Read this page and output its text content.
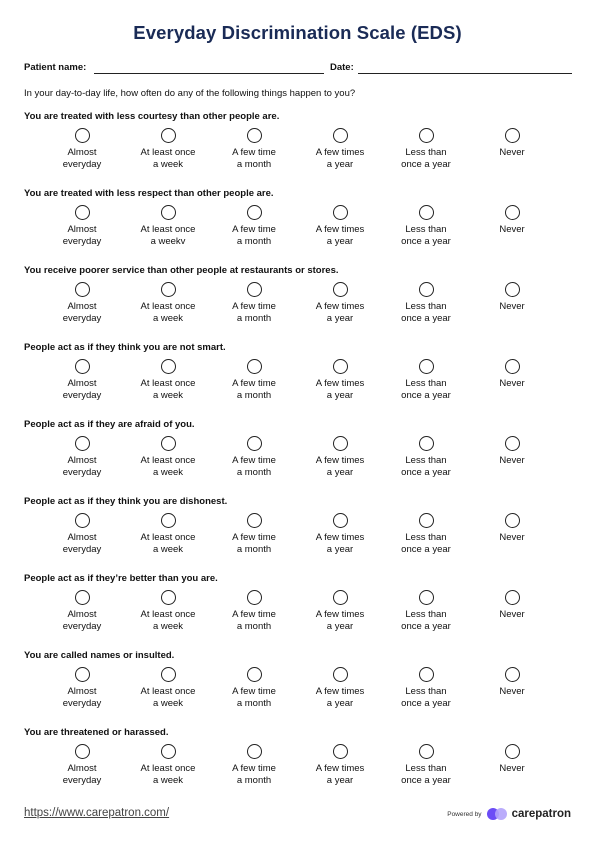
Everyday Discrimination Scale (EDS)
Patient name:	Date:
In your day-to-day life, how often do any of the following things happen to you?
You are treated with less courtesy than other people are.
Almost
everyday
At least once
a week
A few time
a month
A few times
a year
Less than
once a year
Never
You are treated with less respect than other people are.
Almost
everyday
At least once
a weekv
A few time
a month
A few times
a year
Less than
once a year
Never
You receive poorer service than other people at restaurants or stores.
Almost
everyday
At least once
a week
A few time
a month
A few times
a year
Less than
once a year
Never
People act as if they think you are not smart.
Almost
everyday
At least once
a week
A few time
a month
A few times
a year
Less than
once a year
Never
People act as if they are afraid of you.
Almost
everyday
At least once
a week
A few time
a month
A few times
a year
Less than
once a year
Never
People act as if they think you are dishonest.
Almost
everyday
At least once
a week
A few time
a month
A few times
a year
Less than
once a year
Never
People act as if they’re better than you are.
Almost
everyday
At least once
a week
A few time
a month
A few times
a year
Less than
once a year
Never
You are called names or insulted.
Almost
everyday
At least once
a week
A few time
a month
A few times
a year
Less than
once a year
Never
You are threatened or harassed.
Almost
everyday
At least once
a week
A few time
a month
A few times
a year
Less than
once a year
Never
https://www.carepatron.com/	Powered by	carepatron
